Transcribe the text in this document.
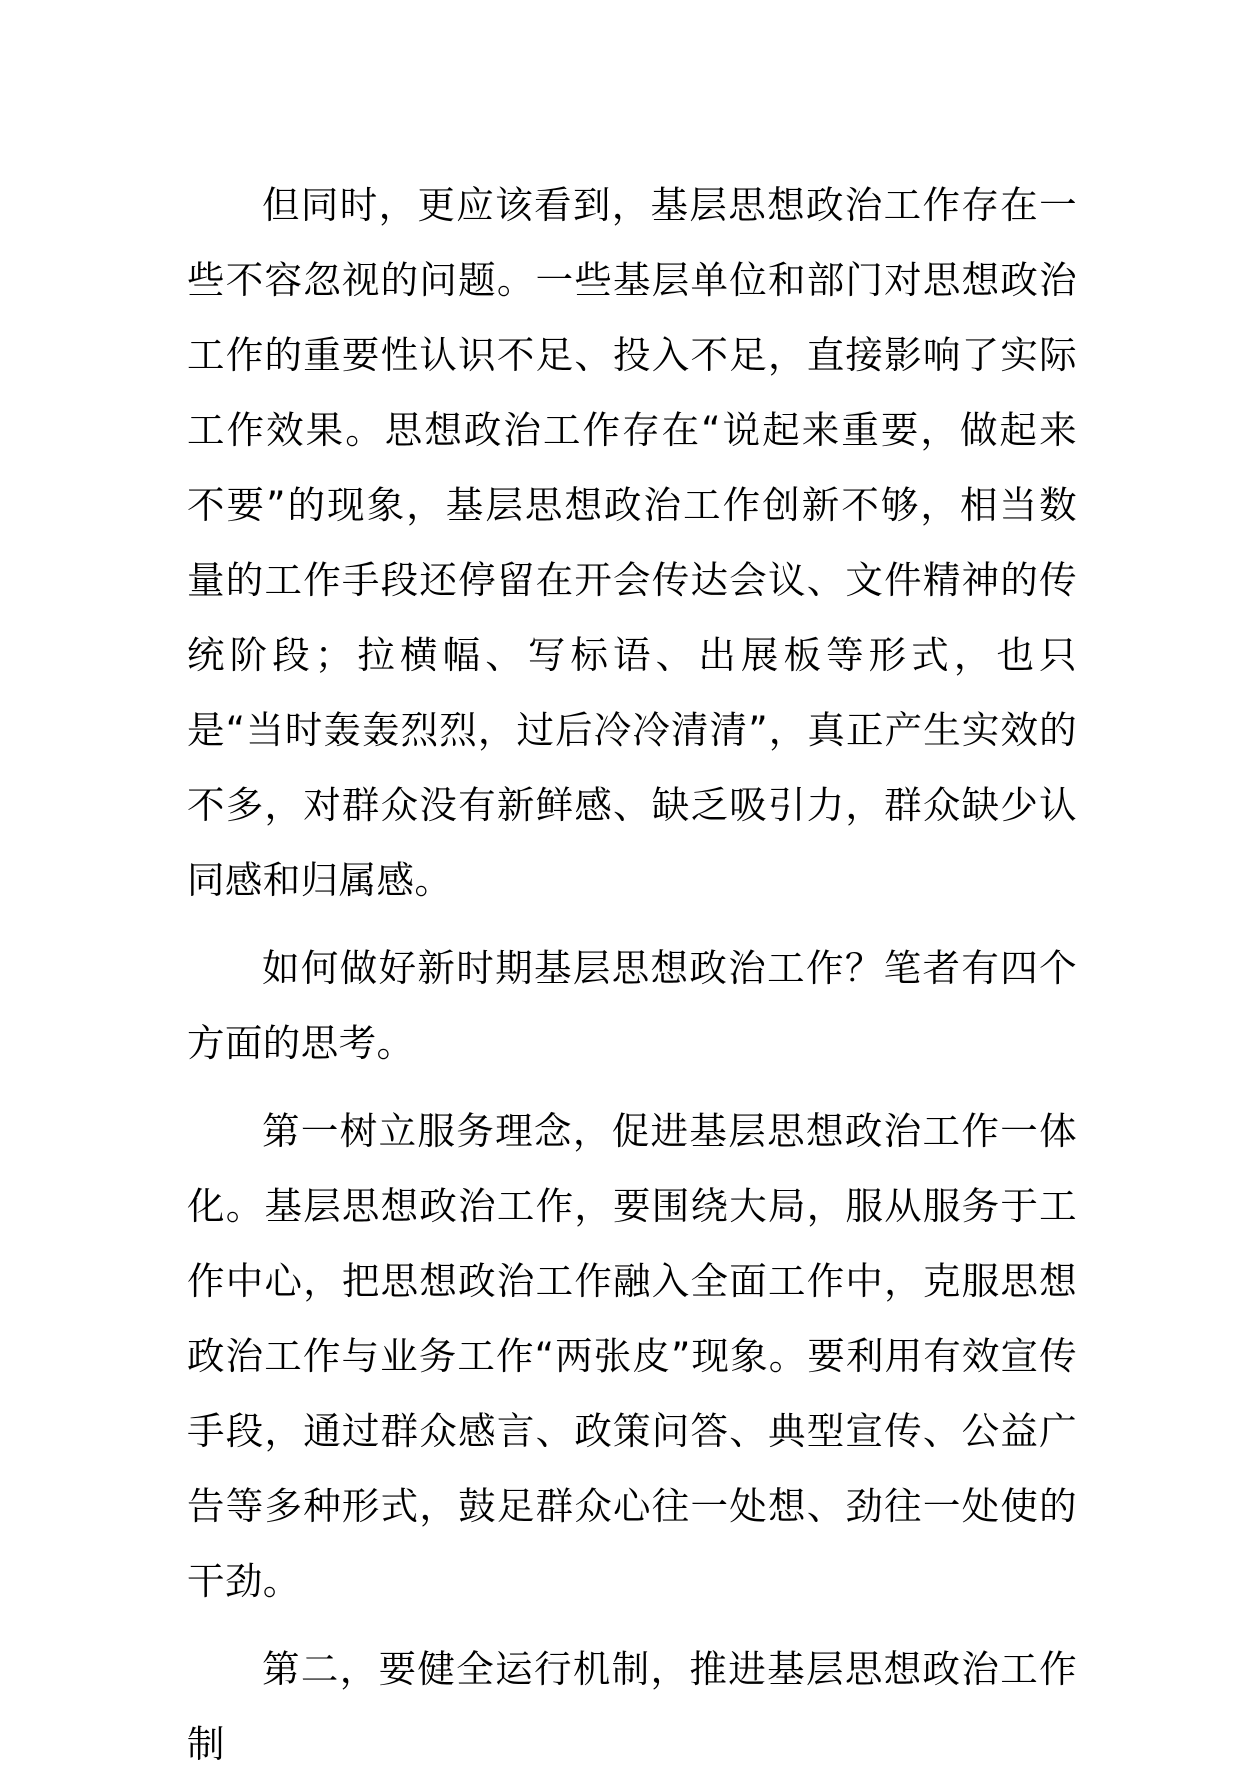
但同时，更应该看到，基层思想政治工作存在一些不容忽视的问题。一些基层单位和部门对思想政治工作的重要性认识不足、投入不足，直接影响了实际工作效果。思想政治工作存在“说起来重要，做起来不要”的现象，基层思想政治工作创新不够，相当数量的工作手段还停留在开会传达会议、文件精神的传统阶段；拉横幅、写标语、出展板等形式，也只是“当时轰轰烈烈，过后冷冷清清”，真正产生实效的不多，对群众没有新鲜感、缺乏吸引力，群众缺少认同感和归属感。

如何做好新时期基层思想政治工作？笔者有四个方面的思考。

第一树立服务理念，促进基层思想政治工作一体化。基层思想政治工作，要围绕大局，服从服务于工作中心，把思想政治工作融入全面工作中，克服思想政治工作与业务工作“两张皮”现象。要利用有效宣传手段，通过群众感言、政策问答、典型宣传、公益广告等多种形式，鼓足群众心往一处想、劲往一处使的干劲。

第二，要健全运行机制，推进基层思想政治工作制
